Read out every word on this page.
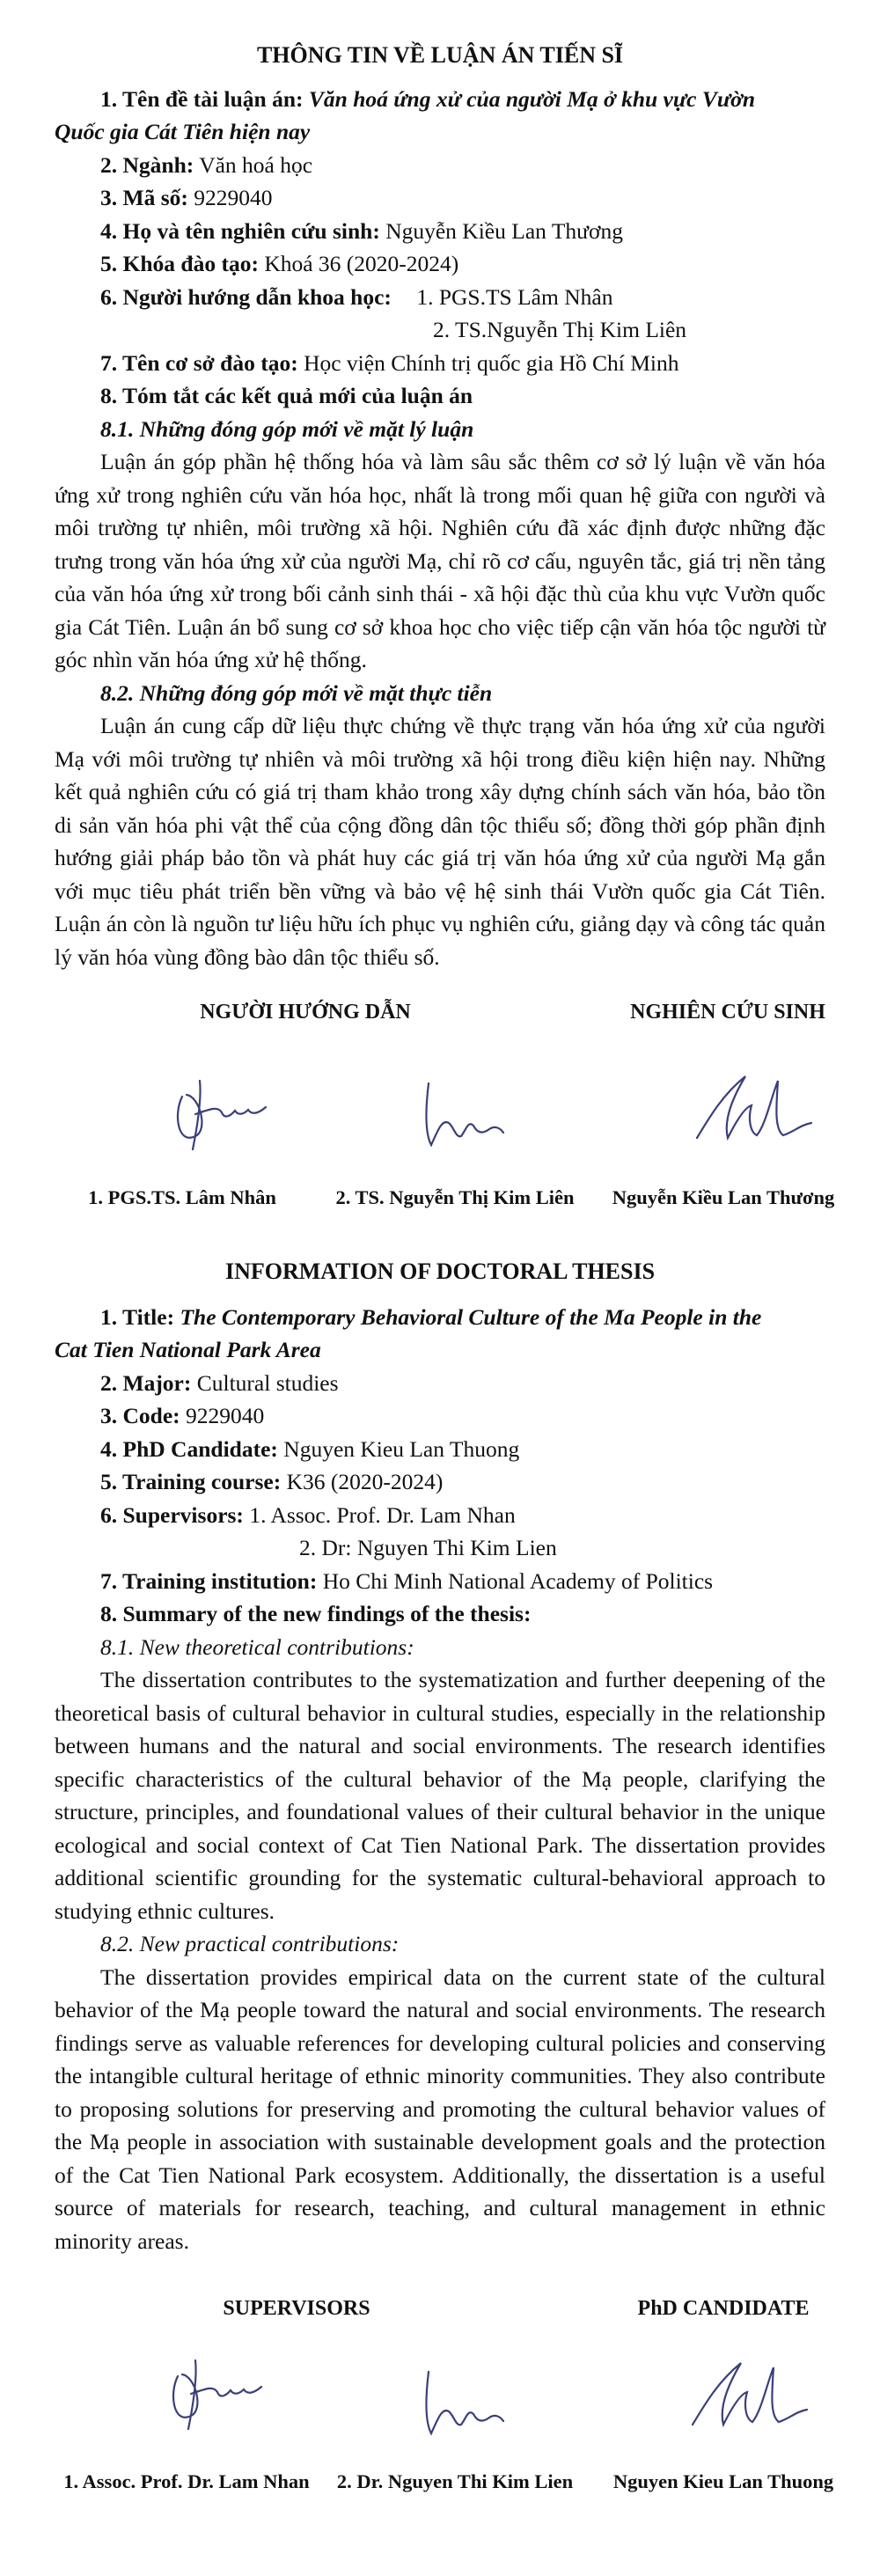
THÔNG TIN VỀ LUẬN ÁN TIẾN SĨ

1. Tên đề tài luận án: Văn hoá ứng xử của người Mạ ở khu vực Vườn

Quốc gia Cát Tiên hiện nay

2. Ngành: Văn hoá học

3. Mã số: 9229040

4. Họ và tên nghiên cứu sinh: Nguyễn Kiều Lan Thương

5. Khóa đào tạo: Khoá 36 (2020-2024)

6. Người hướng dẫn khoa học: 1. PGS.TS Lâm Nhân

2. TS.Nguyễn Thị Kim Liên

7. Tên cơ sở đào tạo: Học viện Chính trị quốc gia Hồ Chí Minh

8. Tóm tắt các kết quả mới của luận án

8.1. Những đóng góp mới về mặt lý luận

Luận án góp phần hệ thống hóa và làm sâu sắc thêm cơ sở lý luận về văn hóa ứng xử trong nghiên cứu văn hóa học, nhất là trong mối quan hệ giữa con người và môi trường tự nhiên, môi trường xã hội. Nghiên cứu đã xác định được những đặc trưng trong văn hóa ứng xử của người Mạ, chỉ rõ cơ cấu, nguyên tắc, giá trị nền tảng của văn hóa ứng xử trong bối cảnh sinh thái - xã hội đặc thù của khu vực Vườn quốc gia Cát Tiên. Luận án bổ sung cơ sở khoa học cho việc tiếp cận văn hóa tộc người từ góc nhìn văn hóa ứng xử hệ thống.

8.2. Những đóng góp mới về mặt thực tiễn

Luận án cung cấp dữ liệu thực chứng về thực trạng văn hóa ứng xử của người Mạ với môi trường tự nhiên và môi trường xã hội trong điều kiện hiện nay. Những kết quả nghiên cứu có giá trị tham khảo trong xây dựng chính sách văn hóa, bảo tồn di sản văn hóa phi vật thể của cộng đồng dân tộc thiểu số; đồng thời góp phần định hướng giải pháp bảo tồn và phát huy các giá trị văn hóa ứng xử của người Mạ gắn với mục tiêu phát triển bền vững và bảo vệ hệ sinh thái Vườn quốc gia Cát Tiên. Luận án còn là nguồn tư liệu hữu ích phục vụ nghiên cứu, giảng dạy và công tác quản lý văn hóa vùng đồng bào dân tộc thiểu số.

NGƯỜI HƯỚNG DẪN	NGHIÊN CỨU SINH
1. PGS.TS. Lâm Nhân	2. TS. Nguyễn Thị Kim Liên	Nguyễn Kiều Lan Thương
INFORMATION OF DOCTORAL THESIS

1. Title: The Contemporary Behavioral Culture of the Ma People in the

Cat Tien National Park Area

2. Major: Cultural studies

3. Code: 9229040

4. PhD Candidate: Nguyen Kieu Lan Thuong

5. Training course: K36 (2020-2024)

6. Supervisors: 1. Assoc. Prof. Dr. Lam Nhan

2. Dr: Nguyen Thi Kim Lien

7. Training institution: Ho Chi Minh National Academy of Politics

8. Summary of the new findings of the thesis:

8.1. New theoretical contributions:

The dissertation contributes to the systematization and further deepening of the theoretical basis of cultural behavior in cultural studies, especially in the relationship between humans and the natural and social environments. The research identifies specific characteristics of the cultural behavior of the Mạ people, clarifying the structure, principles, and foundational values of their cultural behavior in the unique ecological and social context of Cat Tien National Park. The dissertation provides additional scientific grounding for the systematic cultural-behavioral approach to studying ethnic cultures.

8.2. New practical contributions:

The dissertation provides empirical data on the current state of the cultural behavior of the Mạ people toward the natural and social environments. The research findings serve as valuable references for developing cultural policies and conserving the intangible cultural heritage of ethnic minority communities. They also contribute to proposing solutions for preserving and promoting the cultural behavior values of the Mạ people in association with sustainable development goals and the protection of the Cat Tien National Park ecosystem. Additionally, the dissertation is a useful source of materials for research, teaching, and cultural management in ethnic minority areas.

SUPERVISORS	PhD CANDIDATE
1. Assoc. Prof. Dr. Lam Nhan	2. Dr. Nguyen Thi Kim Lien	Nguyen Kieu Lan Thuong
